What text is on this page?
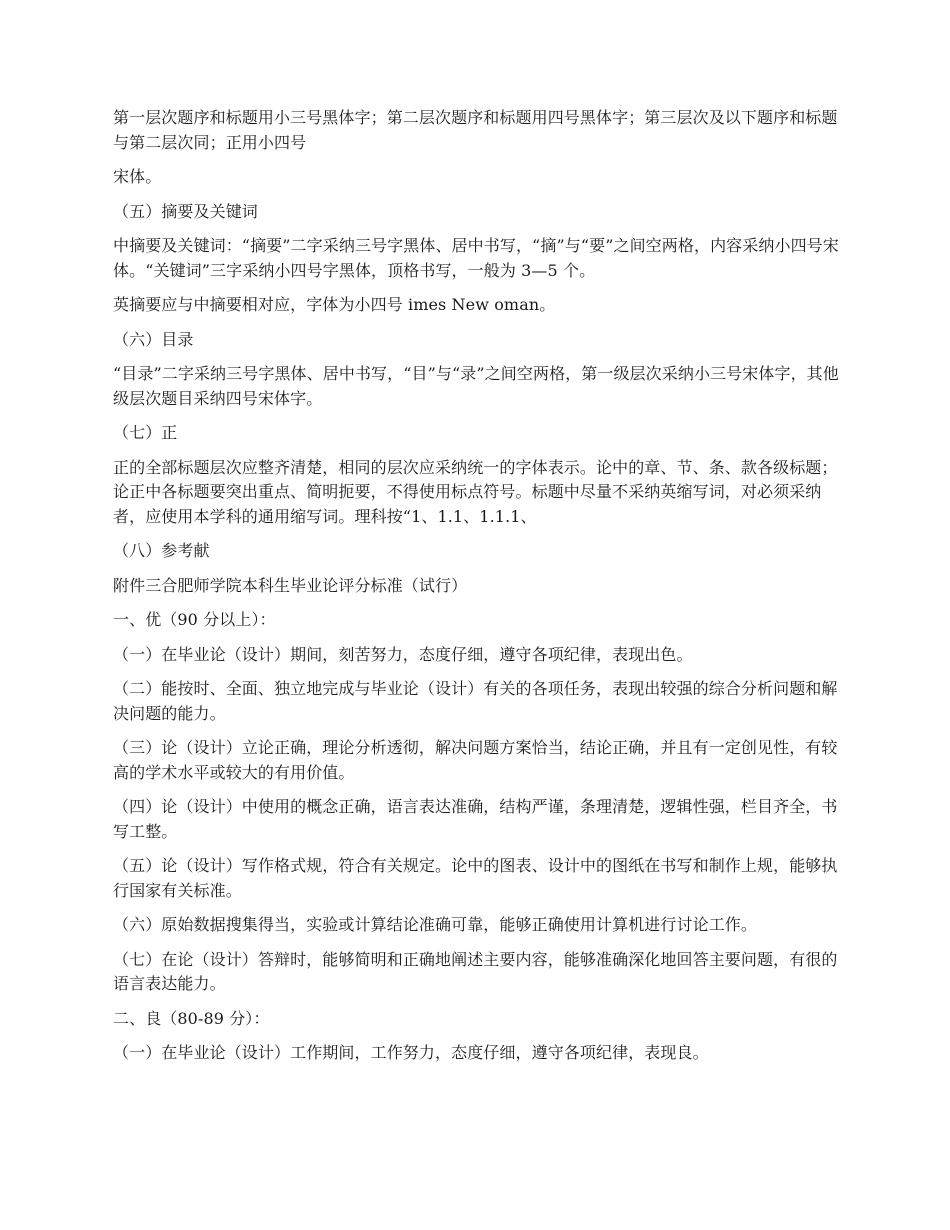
第一层次题序和标题用小三号黑体字；第二层次题序和标题用四号黑体字；第三层次及以下题序和标题与第二层次同；正用小四号

宋体。

（五）摘要及关键词

中摘要及关键词：“摘要”二字采纳三号字黑体、居中书写，“摘”与“要”之间空两格，内容采纳小四号宋体。“关键词”三字采纳小四号字黑体，顶格书写，一般为 3—5 个。

英摘要应与中摘要相对应，字体为小四号 imes New oman。

（六）目录

“目录”二字采纳三号字黑体、居中书写，“目”与“录”之间空两格，第一级层次采纳小三号宋体字，其他级层次题目采纳四号宋体字。

（七）正

正的全部标题层次应整齐清楚，相同的层次应采纳统一的字体表示。论中的章、节、条、款各级标题；论正中各标题要突出重点、简明扼要，不得使用标点符号。标题中尽量不采纳英缩写词，对必须采纳者，应使用本学科的通用缩写词。理科按“1、1.1、1.1.1、

（八）参考献

附件三合肥师学院本科生毕业论评分标准（试行）

一、优（90 分以上）：

（一）在毕业论（设计）期间，刻苦努力，态度仔细，遵守各项纪律，表现出色。

（二）能按时、全面、独立地完成与毕业论（设计）有关的各项任务，表现出较强的综合分析问题和解决问题的能力。

（三）论（设计）立论正确，理论分析透彻，解决问题方案恰当，结论正确，并且有一定创见性，有较高的学术水平或较大的有用价值。

（四）论（设计）中使用的概念正确，语言表达准确，结构严谨，条理清楚，逻辑性强，栏目齐全，书写工整。

（五）论（设计）写作格式规，符合有关规定。论中的图表、设计中的图纸在书写和制作上规，能够执行国家有关标准。

（六）原始数据搜集得当，实验或计算结论准确可靠，能够正确使用计算机进行讨论工作。

（七）在论（设计）答辩时，能够简明和正确地阐述主要内容，能够准确深化地回答主要问题，有很的语言表达能力。

二、良（80-89 分）：

（一）在毕业论（设计）工作期间，工作努力，态度仔细，遵守各项纪律，表现良。
